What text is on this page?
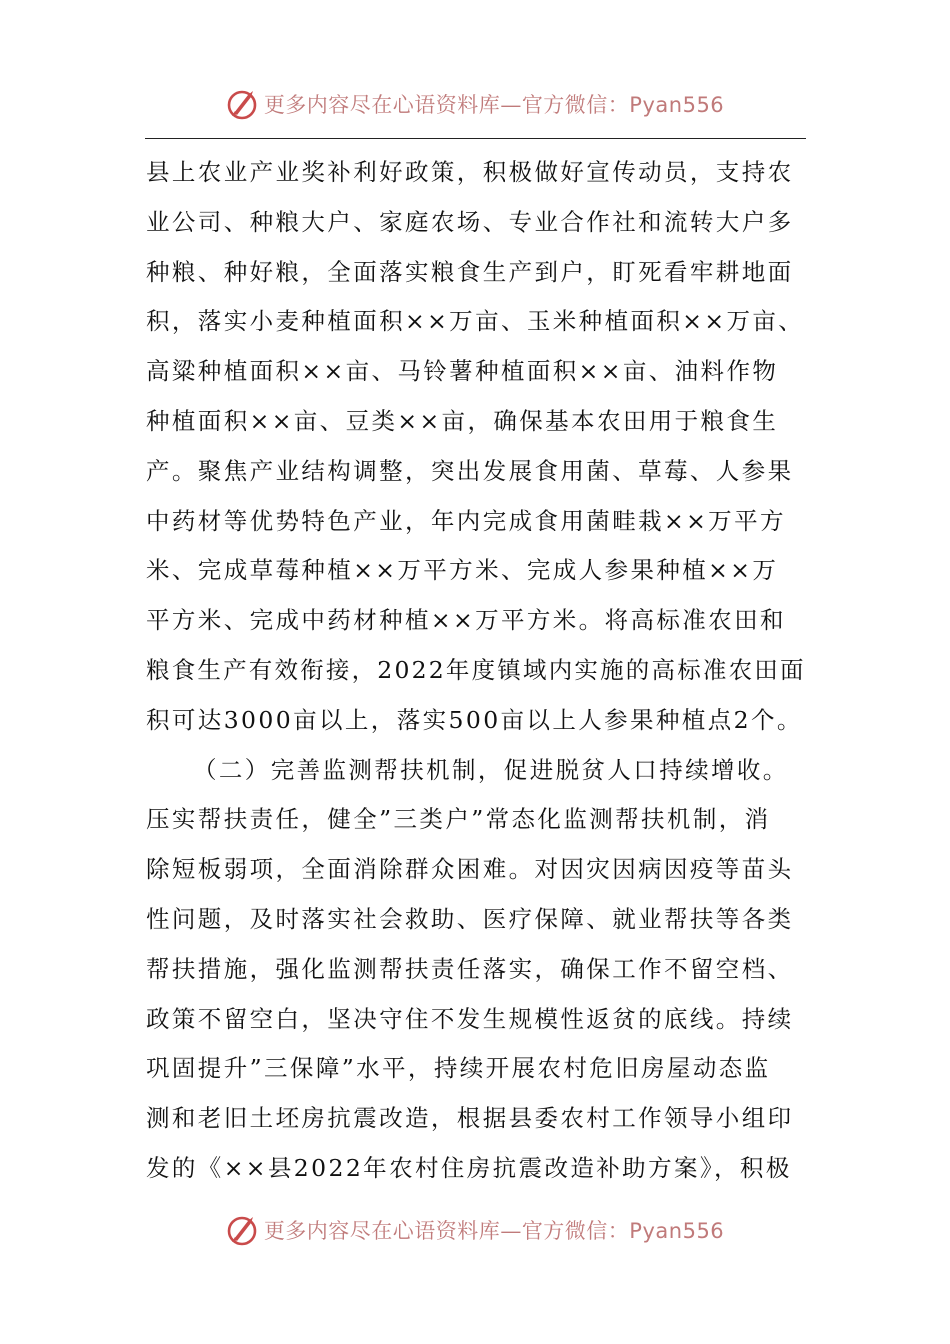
更多内容尽在心语资料库—官方微信：Pyan556
县上农业产业奖补利好政策，积极做好宣传动员，支持农
业公司、种粮大户、家庭农场、专业合作社和流转大户多
种粮、种好粮，全面落实粮食生产到户，盯死看牢耕地面
积，落实小麦种植面积××万亩、玉米种植面积××万亩、
高粱种植面积××亩、马铃薯种植面积××亩、油料作物
种植面积××亩、豆类××亩，确保基本农田用于粮食生
产。聚焦产业结构调整，突出发展食用菌、草莓、人参果
中药材等优势特色产业，年内完成食用菌畦栽××万平方
米、完成草莓种植××万平方米、完成人参果种植××万
平方米、完成中药材种植××万平方米。将高标准农田和
粮食生产有效衔接，2022年度镇域内实施的高标准农田面
积可达3000亩以上，落实500亩以上人参果种植点2个。
（二）完善监测帮扶机制，促进脱贫人口持续增收。
压实帮扶责任，健全”三类户”常态化监测帮扶机制，消
除短板弱项，全面消除群众困难。对因灾因病因疫等苗头
性问题，及时落实社会救助、医疗保障、就业帮扶等各类
帮扶措施，强化监测帮扶责任落实，确保工作不留空档、
政策不留空白，坚决守住不发生规模性返贫的底线。持续
巩固提升”三保障”水平，持续开展农村危旧房屋动态监
测和老旧土坯房抗震改造，根据县委农村工作领导小组印
发的《××县2022年农村住房抗震改造补助方案》，积极
更多内容尽在心语资料库—官方微信：Pyan556
